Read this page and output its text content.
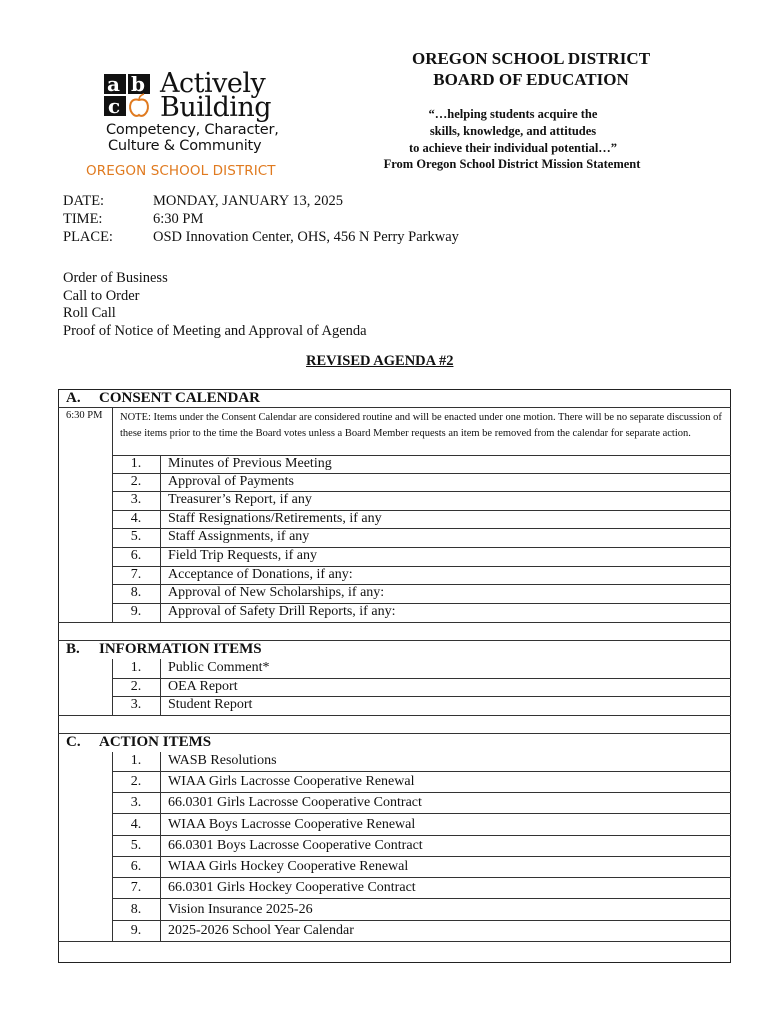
a b
c
Actively
Building
Competency, Character,
Culture & Community
OREGON SCHOOL DISTRICT
OREGON SCHOOL DISTRICT
BOARD OF EDUCATION
“…helping students acquire the
skills, knowledge, and attitudes
to achieve their individual potential…”
From Oregon School District Mission Statement
DATE:	MONDAY, JANUARY 13, 2025
TIME:	6:30 PM
PLACE:	OSD Innovation Center, OHS, 456 N Perry Parkway
Order of Business
Call to Order
Roll Call
Proof of Notice of Meeting and Approval of Agenda
REVISED AGENDA #2
A. CONSENT CALENDAR
6:30 PM NOTE: Items under the Consent Calendar are considered routine and will be enacted under one motion. There will be no separate discussion of these items prior to the time the Board votes unless a Board Member requests an item be removed from the calendar for separate action.
1.	Minutes of Previous Meeting
2.	Approval of Payments
3.	Treasurer’s Report, if any
4.	Staff Resignations/Retirements, if any
5.	Staff Assignments, if any
6.	Field Trip Requests, if any
7.	Acceptance of Donations, if any:
8.	Approval of New Scholarships, if any:
9.	Approval of Safety Drill Reports, if any:
B. INFORMATION ITEMS
1.	Public Comment*
2.	OEA Report
3.	Student Report
C. ACTION ITEMS
1.	WASB Resolutions
2.	WIAA Girls Lacrosse Cooperative Renewal
3.	66.0301 Girls Lacrosse Cooperative Contract
4.	WIAA Boys Lacrosse Cooperative Renewal
5.	66.0301 Boys Lacrosse Cooperative Contract
6.	WIAA Girls Hockey Cooperative Renewal
7.	66.0301 Girls Hockey Cooperative Contract
8.	Vision Insurance 2025-26
9.	2025-2026 School Year Calendar
